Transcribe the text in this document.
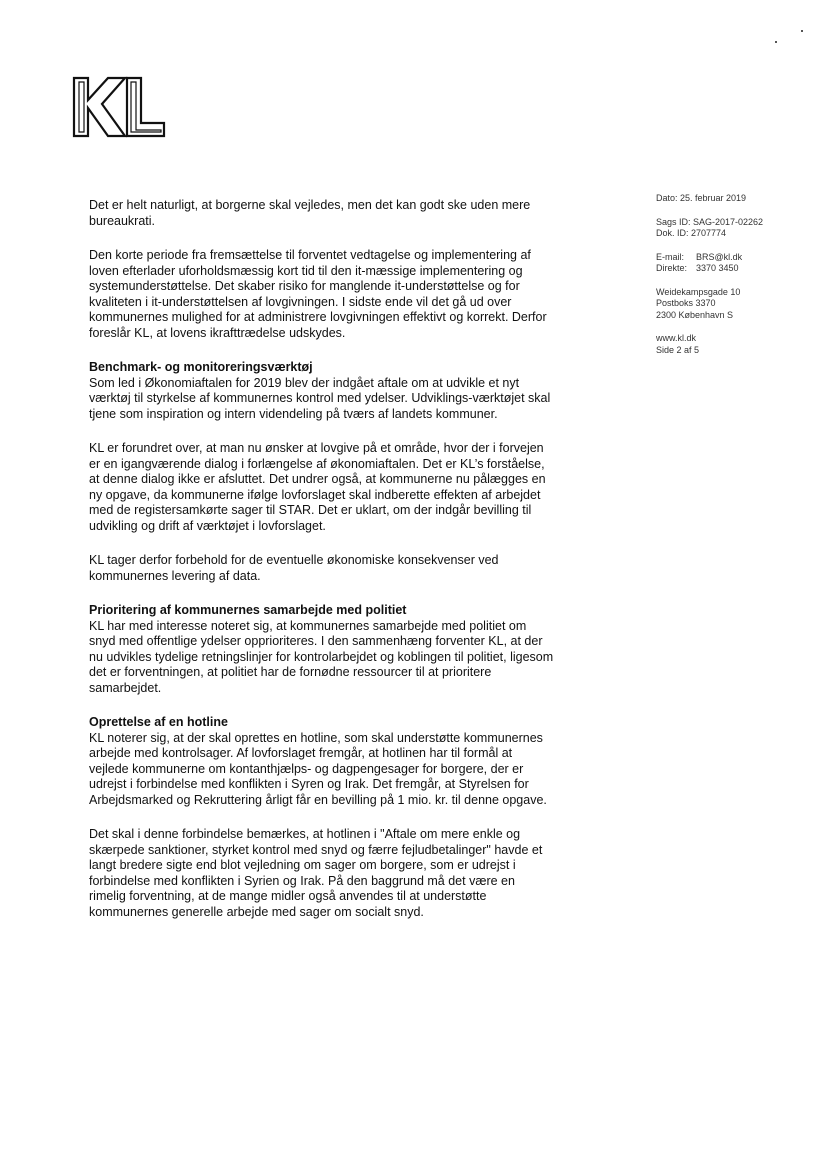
Dato: 25. februar 2019
Sags ID: SAG-2017-02262
Dok. ID: 2707774
E-mail: BRS@kl.dk
Direkte: 3370 3450
Weidekampsgade 10
Postboks 3370
2300 København S
www.kl.dk
Side 2 af 5

Det er helt naturligt, at borgerne skal vejledes, men det kan godt ske uden mere bureaukrati.

Den korte periode fra fremsættelse til forventet vedtagelse og implementering af loven efterlader uforholdsmæssig kort tid til den it-mæssige implementering og systemunderstøttelse. Det skaber risiko for manglende it-understøttelse og for kvaliteten i it-understøttelsen af lovgivningen. I sidste ende vil det gå ud over kommunernes mulighed for at administrere lovgivningen effektivt og korrekt. Derfor foreslår KL, at lovens ikrafttrædelse udskydes.

Benchmark- og monitoreringsværktøj

Som led i Økonomiaftalen for 2019 blev der indgået aftale om at udvikle et nyt værktøj til styrkelse af kommunernes kontrol med ydelser. Udviklings-værktøjet skal tjene som inspiration og intern videndeling på tværs af landets kommuner.

KL er forundret over, at man nu ønsker at lovgive på et område, hvor der i forvejen er en igangværende dialog i forlængelse af økonomiaftalen. Det er KL’s forståelse, at denne dialog ikke er afsluttet. Det undrer også, at kommunerne nu pålægges en ny opgave, da kommunerne ifølge lovforslaget skal indberette effekten af arbejdet med de registersamkørte sager til STAR. Det er uklart, om der indgår bevilling til udvikling og drift af værktøjet i lovforslaget.

KL tager derfor forbehold for de eventuelle økonomiske konsekvenser ved kommunernes levering af data.

Prioritering af kommunernes samarbejde med politiet

KL har med interesse noteret sig, at kommunernes samarbejde med politiet om snyd med offentlige ydelser opprioriteres. I den sammenhæng forventer KL, at der nu udvikles tydelige retningslinjer for kontrolarbejdet og koblingen til politiet, ligesom det er forventningen, at politiet har de fornødne ressourcer til at prioritere samarbejdet.

Oprettelse af en hotline

KL noterer sig, at der skal oprettes en hotline, som skal understøtte kommunernes arbejde med kontrolsager. Af lovforslaget fremgår, at hotlinen har til formål at vejlede kommunerne om kontanthjælps- og dagpengesager for borgere, der er udrejst i forbindelse med konflikten i Syren og Irak. Det fremgår, at Styrelsen for Arbejdsmarked og Rekruttering årligt får en bevilling på 1 mio. kr. til denne opgave.

Det skal i denne forbindelse bemærkes, at hotlinen i "Aftale om mere enkle og skærpede sanktioner, styrket kontrol med snyd og færre fejludbetalinger" havde et langt bredere sigte end blot vejledning om sager om borgere, som er udrejst i forbindelse med konflikten i Syrien og Irak. På den baggrund må det være en rimelig forventning, at de mange midler også anvendes til at understøtte kommunernes generelle arbejde med sager om socialt snyd.
